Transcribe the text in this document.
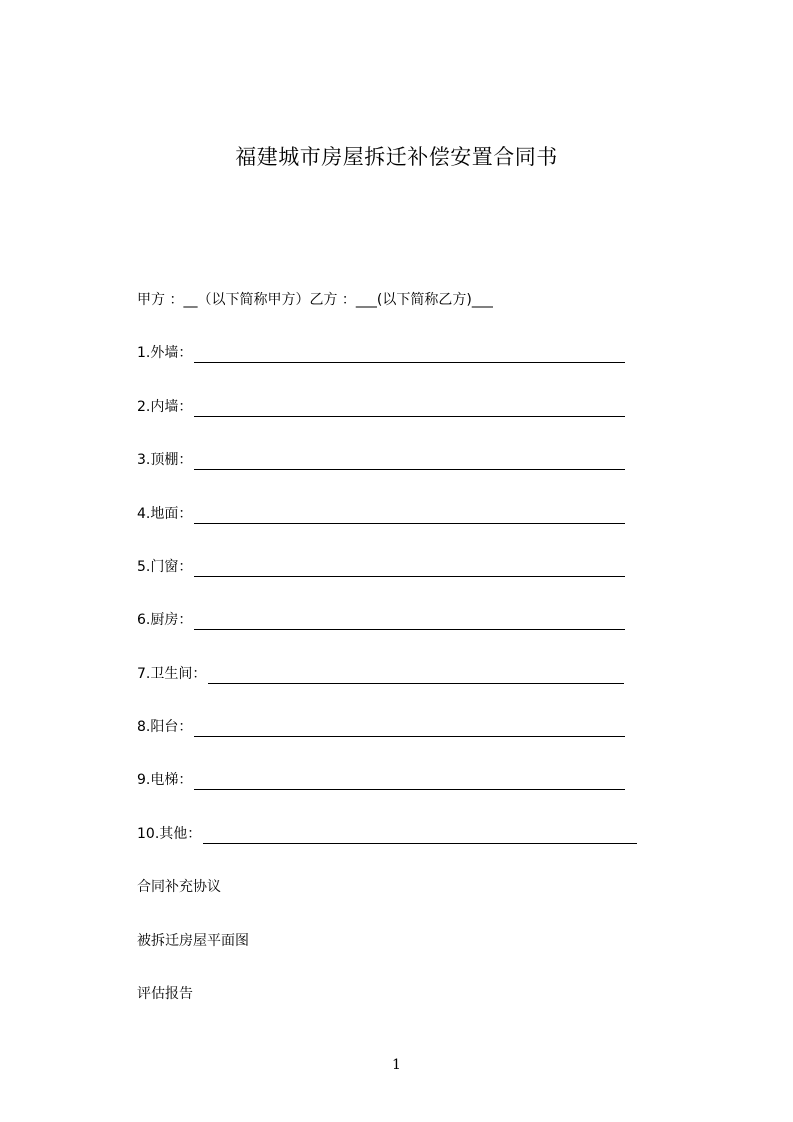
福建城市房屋拆迁补偿安置合同书
甲方 ：__（以下简称甲方）乙方 ：___(以下简称乙方)___
1.外墙：
2.内墙：
3.顶棚：
4.地面：
5.门窗：
6.厨房：
7.卫生间：
8.阳台：
9.电梯：
10.其他：
合同补充协议
被拆迁房屋平面图
评估报告
1
